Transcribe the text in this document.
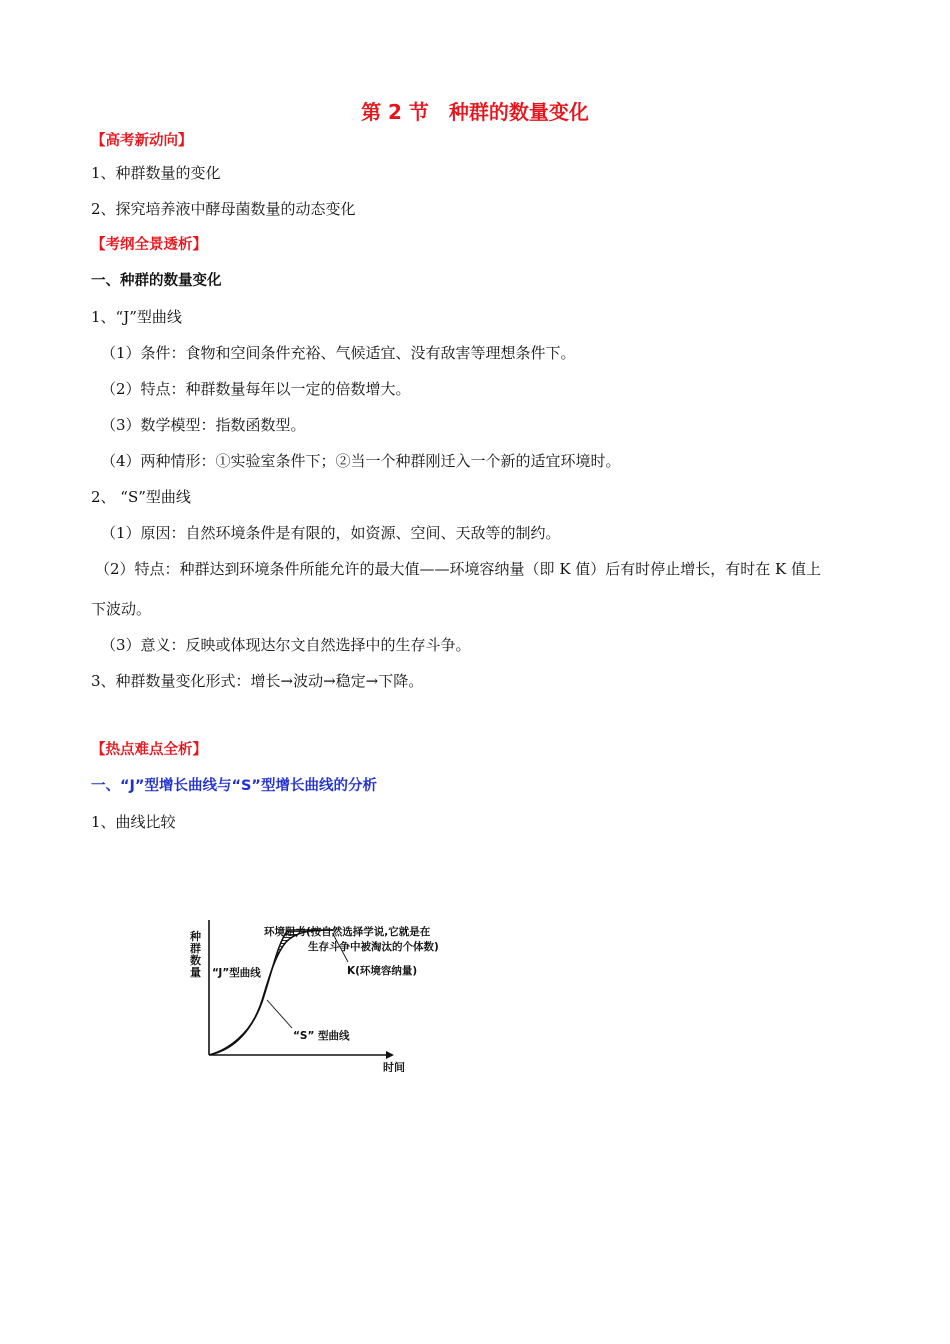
第 2 节　种群的数量变化
【高考新动向】
1、种群数量的变化
2、探究培养液中酵母菌数量的动态变化
【考纲全景透析】
一、种群的数量变化
1、“J”型曲线
（1）条件：食物和空间条件充裕、气候适宜、没有敌害等理想条件下。
（2）特点：种群数量每年以一定的倍数增大。
（3）数学模型：指数函数型。
（4）两种情形：①实验室条件下；②当一个种群刚迁入一个新的适宜环境时。
2、 “S”型曲线
（1）原因：自然环境条件是有限的，如资源、空间、天敌等的制约。
（2）特点：种群达到环境条件所能允许的最大值——环境容纳量（即 K 值）后有时停止增长，有时在 K 值上
下波动。
（3）意义：反映或体现达尔文自然选择中的生存斗争。
3、种群数量变化形式：增长→波动→稳定→下降。
【热点难点全析】
一、“J”型增长曲线与“S”型增长曲线的分析
1、曲线比较
种
群
数
量
时间
环境阻力(按自然选择学说,它就是在
生存斗争中被淘汰的个体数)
K(环境容纳量)
“J”型曲线
“S” 型曲线
